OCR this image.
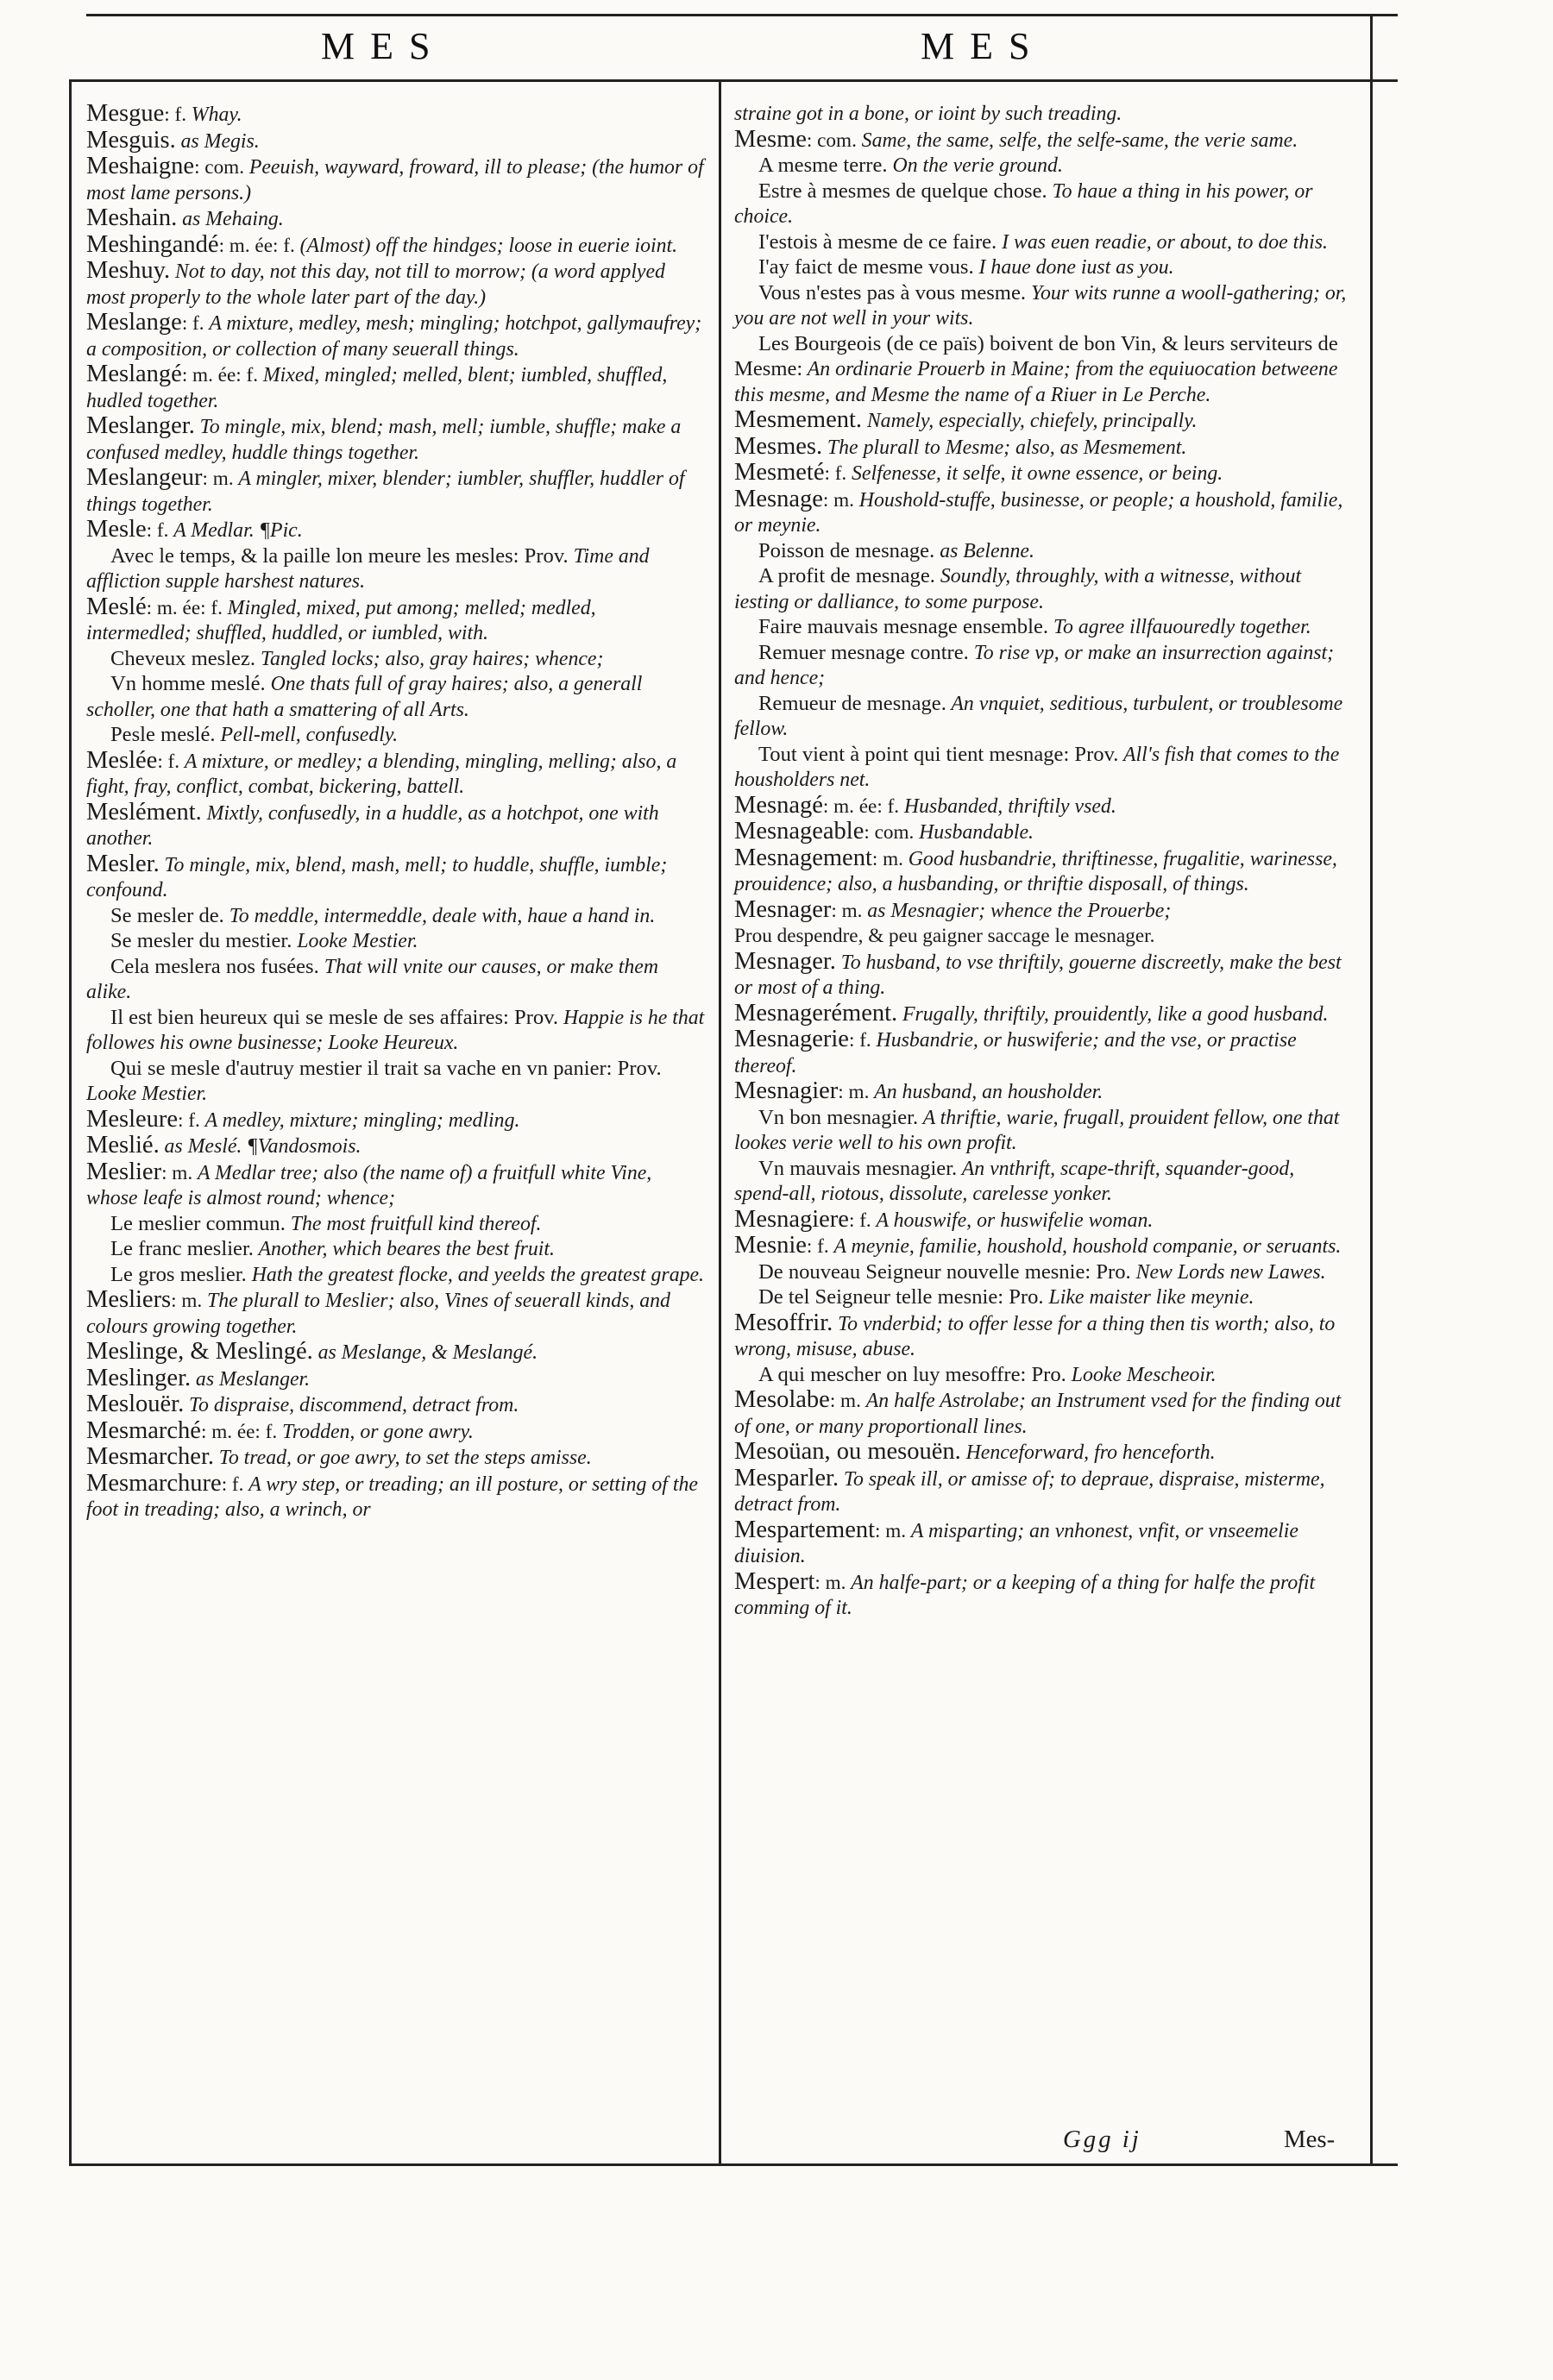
MES	MES

Mesgue: f. Whay.

Mesguis. as Megis.

Meshaigne: com. Peeuish, wayward, froward, ill to please; (the humor of most lame persons.)

Meshain. as Mehaing.

Meshingandé: m. ée: f. (Almost) off the hindges; loose in euerie ioint.

Meshuy. Not to day, not this day, not till to morrow; (a word applyed most properly to the whole later part of the day.)

Meslange: f. A mixture, medley, mesh; mingling; hotchpot, gallymaufrey; a composition, or collection of many seuerall things.

Meslangé: m. ée: f. Mixed, mingled; melled, blent; iumbled, shuffled, hudled together.

Meslanger. To mingle, mix, blend; mash, mell; iumble, shuffle; make a confused medley, huddle things together.

Meslangeur: m. A mingler, mixer, blender; iumbler, shuffler, huddler of things together.

Mesle: f. A Medlar. ¶Pic.

Avec le temps, & la paille lon meure les mesles: Prov. Time and affliction supple harshest natures.

Meslé: m. ée: f. Mingled, mixed, put among; melled; medled, intermedled; shuffled, huddled, or iumbled, with.

Cheveux meslez. Tangled locks; also, gray haires; whence;

Vn homme meslé. One thats full of gray haires; also, a generall scholler, one that hath a smattering of all Arts.

Pesle meslé. Pell-mell, confusedly.

Meslée: f. A mixture, or medley; a blending, mingling, melling; also, a fight, fray, conflict, combat, bickering, battell.

Meslément. Mixtly, confusedly, in a huddle, as a hotchpot, one with another.

Mesler. To mingle, mix, blend, mash, mell; to huddle, shuffle, iumble; confound.

Se mesler de. To meddle, intermeddle, deale with, haue a hand in.

Se mesler du mestier. Looke Mestier.

Cela meslera nos fusées. That will vnite our causes, or make them alike.

Il est bien heureux qui se mesle de ses affaires: Prov. Happie is he that followes his owne businesse; Looke Heureux.

Qui se mesle d'autruy mestier il trait sa vache en vn panier: Prov. Looke Mestier.

Mesleure: f. A medley, mixture; mingling; medling.

Meslié. as Meslé. ¶Vandosmois.

Meslier: m. A Medlar tree; also (the name of) a fruitfull white Vine, whose leafe is almost round; whence;

Le meslier commun. The most fruitfull kind thereof.

Le franc meslier. Another, which beares the best fruit.

Le gros meslier. Hath the greatest flocke, and yeelds the greatest grape.

Mesliers: m. The plurall to Meslier; also, Vines of seuerall kinds, and colours growing together.

Meslinge, & Meslingé. as Meslange, & Meslangé.

Meslinger. as Meslanger.

Meslouër. To dispraise, discommend, detract from.

Mesmarché: m. ée: f. Trodden, or gone awry.

Mesmarcher. To tread, or goe awry, to set the steps amisse.

Mesmarchure: f. A wry step, or treading; an ill posture, or setting of the foot in treading; also, a wrinch, or

straine got in a bone, or ioint by such treading.

Mesme: com. Same, the same, selfe, the selfe-same, the verie same.

A mesme terre. On the verie ground.

Estre à mesmes de quelque chose. To haue a thing in his power, or choice.

I'estois à mesme de ce faire. I was euen readie, or about, to doe this.

I'ay faict de mesme vous. I haue done iust as you.

Vous n'estes pas à vous mesme. Your wits runne a wooll-gathering; or, you are not well in your wits.

Les Bourgeois (de ce païs) boivent de bon Vin, & leurs serviteurs de Mesme: An ordinarie Prouerb in Maine; from the equiuocation betweene this mesme, and Mesme the name of a Riuer in Le Perche.

Mesmement. Namely, especially, chiefely, principally.

Mesmes. The plurall to Mesme; also, as Mesmement.

Mesmeté: f. Selfenesse, it selfe, it owne essence, or being.

Mesnage: m. Houshold-stuffe, businesse, or people; a houshold, familie, or meynie.

Poisson de mesnage. as Belenne.

A profit de mesnage. Soundly, throughly, with a witnesse, without iesting or dalliance, to some purpose.

Faire mauvais mesnage ensemble. To agree illfauouredly together.

Remuer mesnage contre. To rise vp, or make an insurrection against; and hence;

Remueur de mesnage. An vnquiet, seditious, turbulent, or troublesome fellow.

Tout vient à point qui tient mesnage: Prov. All's fish that comes to the housholders net.

Mesnagé: m. ée: f. Husbanded, thriftily vsed.

Mesnageable: com. Husbandable.

Mesnagement: m. Good husbandrie, thriftinesse, frugalitie, warinesse, prouidence; also, a husbanding, or thriftie disposall, of things.

Mesnager: m. as Mesnagier; whence the Prouerbe;

Prou despendre, & peu gaigner saccage le mesnager.

Mesnager. To husband, to vse thriftily, gouerne discreetly, make the best or most of a thing.

Mesnagerément. Frugally, thriftily, prouidently, like a good husband.

Mesnagerie: f. Husbandrie, or huswiferie; and the vse, or practise thereof.

Mesnagier: m. An husband, an housholder.

Vn bon mesnagier. A thriftie, warie, frugall, prouident fellow, one that lookes verie well to his own profit.

Vn mauvais mesnagier. An vnthrift, scape-thrift, squander-good, spend-all, riotous, dissolute, carelesse yonker.

Mesnagiere: f. A houswife, or huswifelie woman.

Mesnie: f. A meynie, familie, houshold, houshold companie, or seruants.

De nouveau Seigneur nouvelle mesnie: Pro. New Lords new Lawes.

De tel Seigneur telle mesnie: Pro. Like maister like meynie.

Mesoffrir. To vnderbid; to offer lesse for a thing then tis worth; also, to wrong, misuse, abuse.

A qui mescher on luy mesoffre: Pro. Looke Mescheoir.

Mesolabe: m. An halfe Astrolabe; an Instrument vsed for the finding out of one, or many proportionall lines.

Mesoüan, ou mesouën. Henceforward, fro henceforth.

Mesparler. To speak ill, or amisse of; to depraue, dispraise, misterme, detract from.

Mespartement: m. A misparting; an vnhonest, vnfit, or vnseemelie diuision.

Mespert: m. An halfe-part; or a keeping of a thing for halfe the profit comming of it.

Ggg ij	Mes-
